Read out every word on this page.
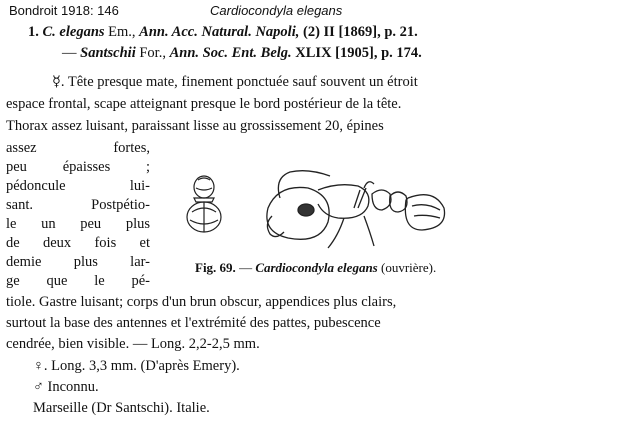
Bondroit 1918: 146	Cardiocondyla elegans
1. C. elegans Em., Ann. Acc. Natural. Napoli, (2) II [1869], p. 21.
— Santschii For., Ann. Soc. Ent. Belg. XLIX [1905], p. 174.
☿. Tête presque mate, finement ponctuée sauf souvent un étroit
espace frontal, scape atteignant presque le bord postérieur de la tête.
Thorax assez luisant, paraissant lisse au grossissement 20, épines
assez fortes,
peu épaisses ;
pédoncule lui-
sant. Postpétio-
le un peu plus
de deux fois et
demie plus lar-
ge que le pé-
tiole. Gastre luisant; corps d'un brun obscur, appendices plus clairs,
surtout la base des antennes et l'extrémité des pattes, pubescence
cendrée, bien visible. — Long. 2,2-2,5 mm.
♀. Long. 3,3 mm. (D'après Emery).
♂ Inconnu.
Marseille (Dr Santschi). Italie.
Fig. 69. — Cardiocondyla elegans (ouvrière).
